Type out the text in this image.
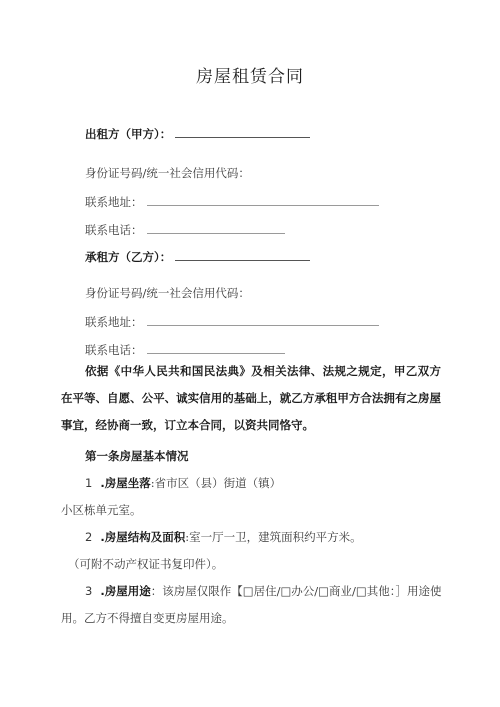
房屋租赁合同
出租方（甲方）：
身份证号码/统一社会信用代码：
联系地址：
联系电话：
承租方（乙方）：
身份证号码/统一社会信用代码：
联系地址：
联系电话：
依据《中华人民共和国民法典》及相关法律、法规之规定，甲乙双方在平等、自愿、公平、诚实信用的基础上，就乙方承租甲方合法拥有之房屋事宜，经协商一致，订立本合同，以资共同恪守。
第一条房屋基本情况
1 .房屋坐落:省市区（县）街道（镇）
小区栋单元室。
2 .房屋结构及面积:室一厅一卫，建筑面积约平方米。
（可附不动产权证书复印件）。
3 .房屋用途：该房屋仅限作【□居住/□办公/□商业/□其他：］用途使
用。乙方不得擅自变更房屋用途。
